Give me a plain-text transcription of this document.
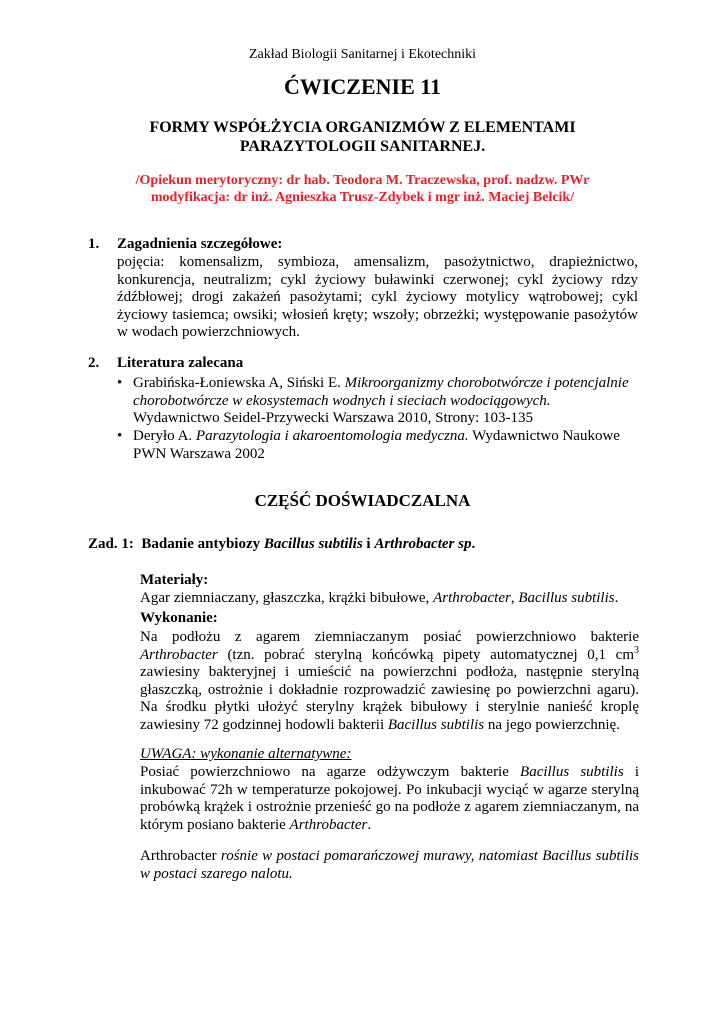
Zakład Biologii Sanitarnej i Ekotechniki
ĆWICZENIE 11
FORMY WSPÓŁŻYCIA ORGANIZMÓW Z ELEMENTAMI
PARAZYTOLOGII SANITARNEJ.
/Opiekun merytoryczny: dr hab. Teodora M. Traczewska, prof. nadzw. PWr
modyfikacja: dr inż. Agnieszka Trusz-Zdybek i mgr inż. Maciej Bełcik/
1. Zagadnienia szczegółowe:
pojęcia: komensalizm, symbioza, amensalizm, pasożytnictwo, drapieżnictwo, konkurencja, neutralizm; cykl życiowy buławinki czerwonej; cykl życiowy rdzy źdźbłowej; drogi zakażeń pasożytami; cykl życiowy motylicy wątrobowej; cykl życiowy tasiemca; owsiki; włosień kręty; wszoły; obrzeżki; występowanie pasożytów w wodach powierzchniowych.
2. Literatura zalecana
• Grabińska-Łoniewska A, Siński E. Mikroorganizmy chorobotwórcze i potencjalnie chorobotwórcze w ekosystemach wodnych i sieciach wodociągowych. Wydawnictwo Seidel-Przywecki Warszawa 2010, Strony: 103-135
• Deryło A. Parazytologia i akaroentomologia medyczna. Wydawnictwo Naukowe PWN Warszawa 2002
CZĘŚĆ DOŚWIADCZALNA
Zad. 1: Badanie antybiozy Bacillus subtilis i Arthrobacter sp.
Materiały:
Agar ziemniaczany, głaszczka, krążki bibułowe, Arthrobacter, Bacillus subtilis.
Wykonanie:
Na podłożu z agarem ziemniaczanym posiać powierzchniowo bakterie Arthrobacter (tzn. pobrać sterylną końcówką pipety automatycznej 0,1 $cm^3$ zawiesiny bakteryjnej i umieścić na powierzchni podłoża, następnie sterylną głaszczką, ostrożnie i dokładnie rozprowadzić zawiesinę po powierzchni agaru). Na środku płytki ułożyć sterylny krążek bibułowy i sterylnie nanieść kroplę zawiesiny 72 godzinnej hodowli bakterii Bacillus subtilis na jego powierzchnię.
UWAGA: wykonanie alternatywne:
Posiać powierzchniowo na agarze odżywczym bakterie Bacillus subtilis i inkubować 72h w temperaturze pokojowej. Po inkubacji wyciąć w agarze sterylną probówką krążek i ostrożnie przenieść go na podłoże z agarem ziemniaczanym, na którym posiano bakterie Arthrobacter.
Arthrobacter rośnie w postaci pomarańczowej murawy, natomiast Bacillus subtilis w postaci szarego nalotu.
